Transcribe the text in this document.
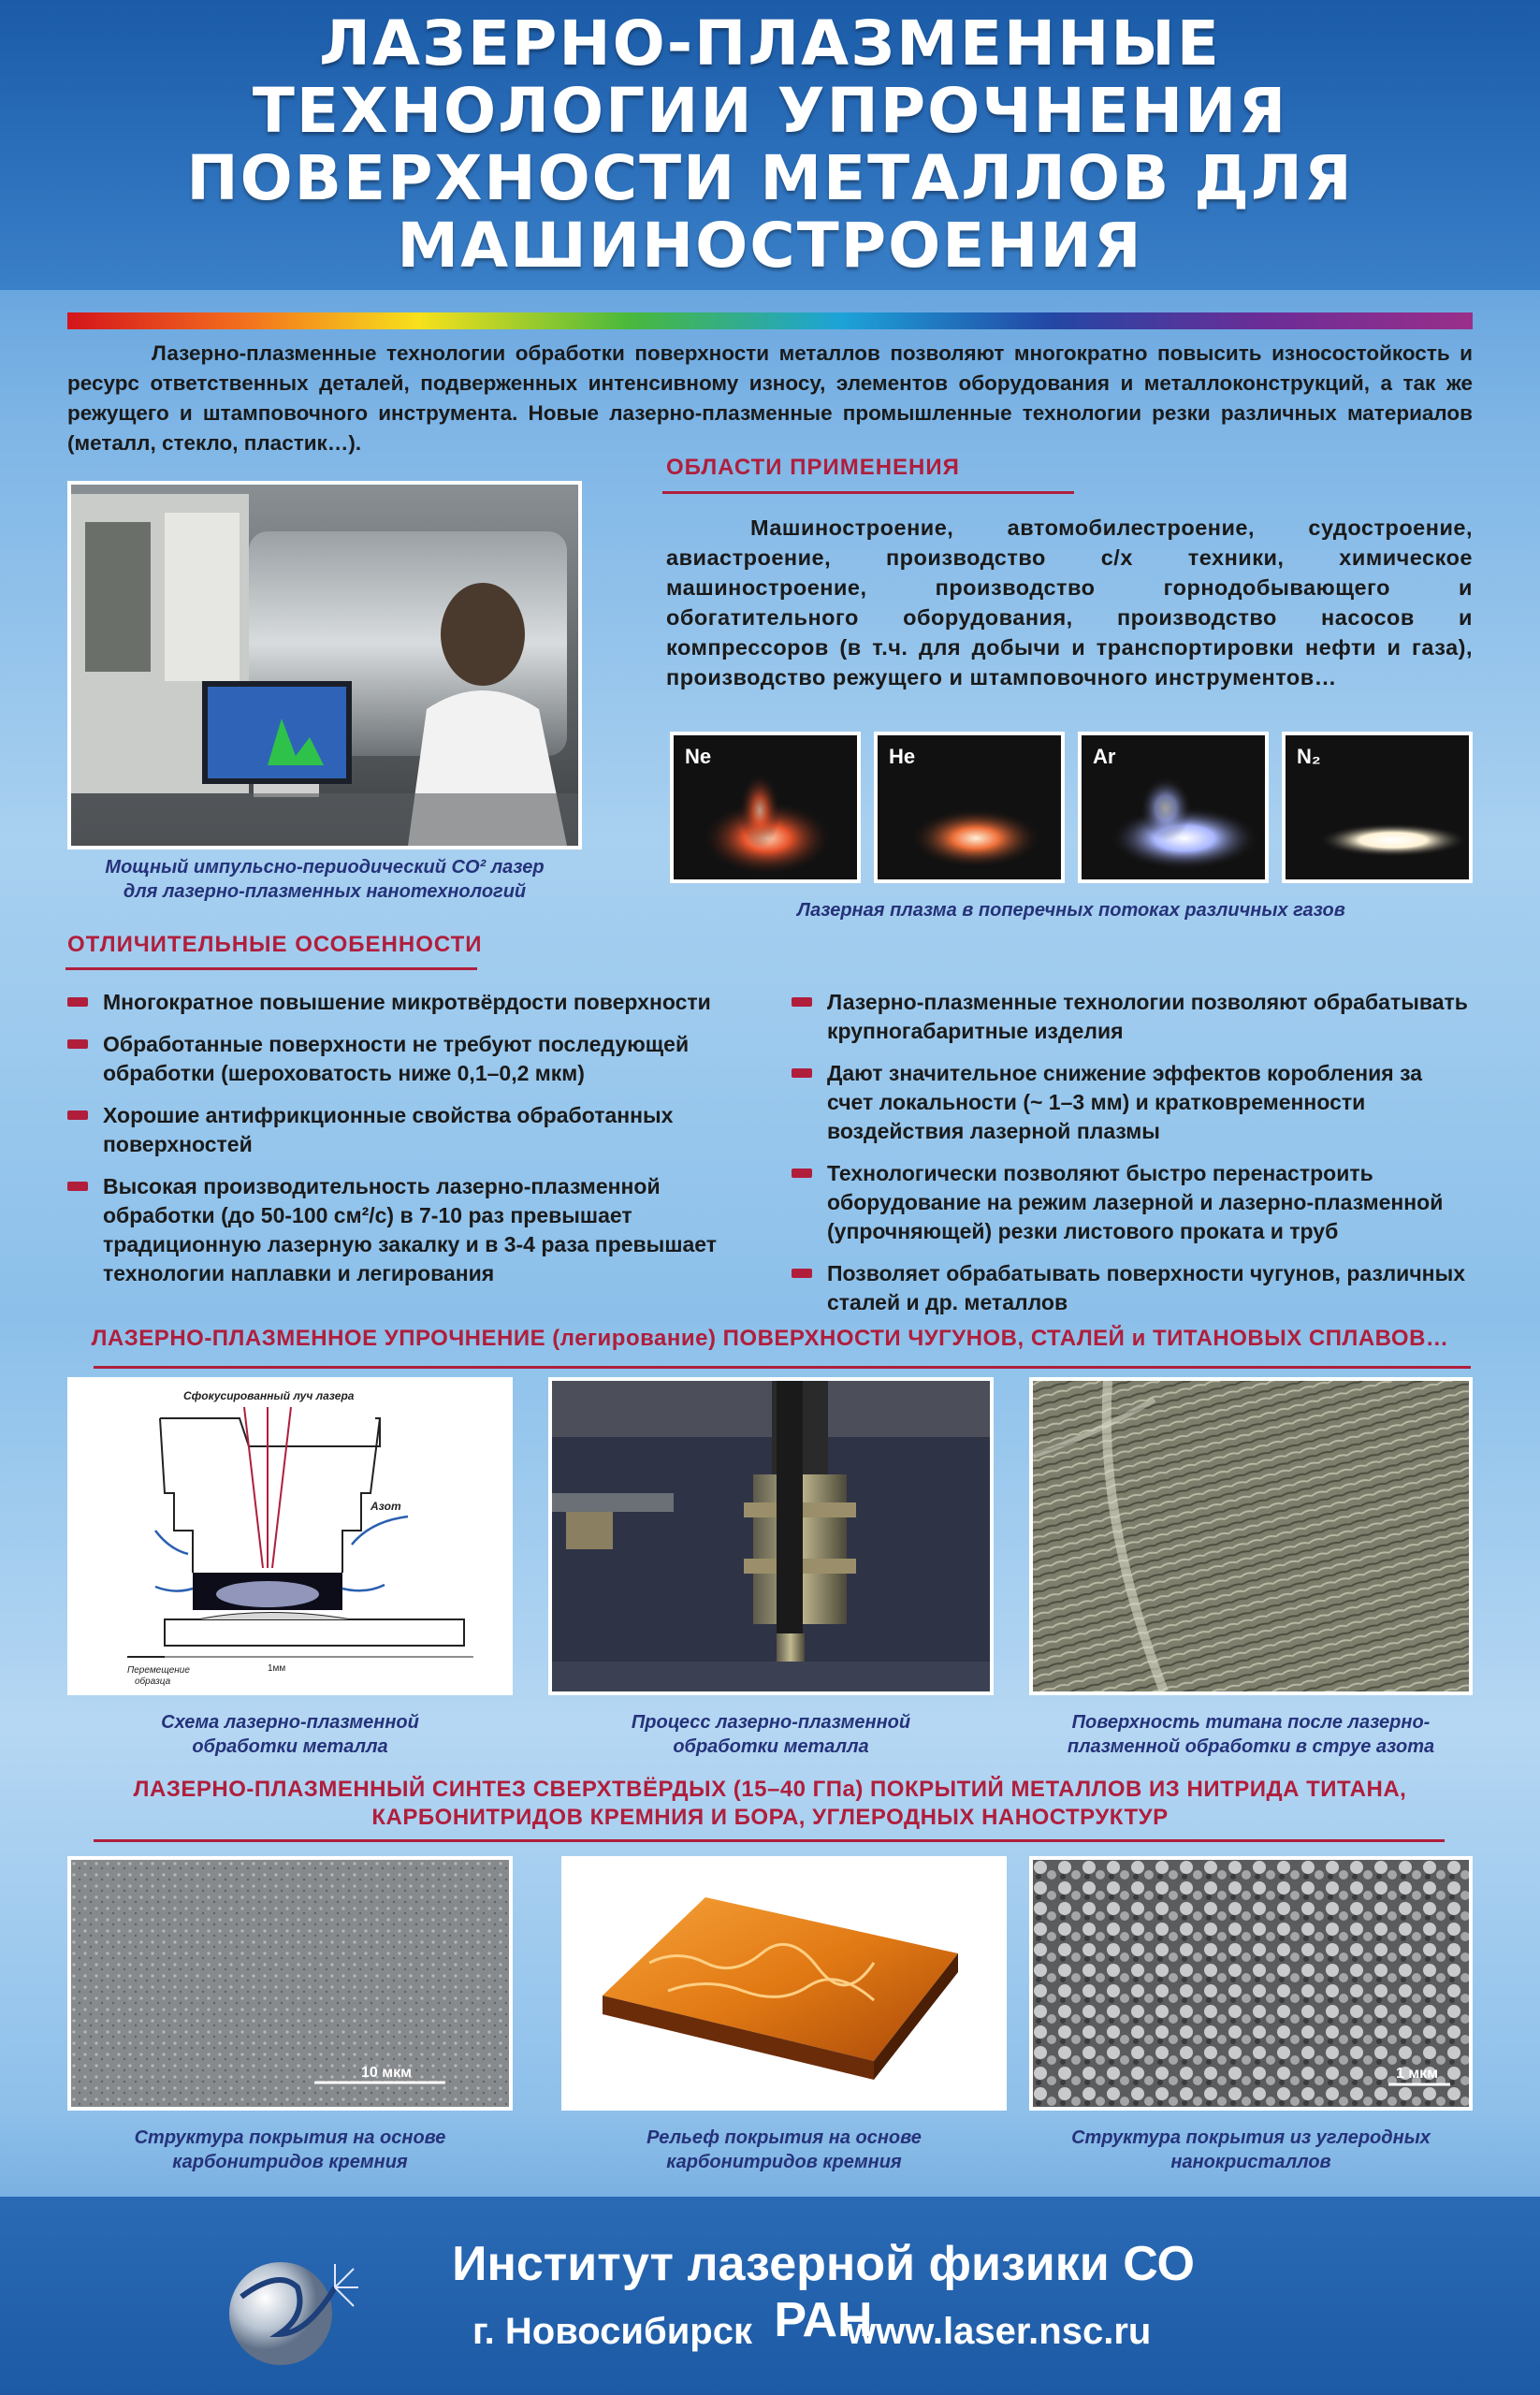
ЛАЗЕРНО-ПЛАЗМЕННЫЕ ТЕХНОЛОГИИ УПРОЧНЕНИЯ ПОВЕРХНОСТИ МЕТАЛЛОВ ДЛЯ МАШИНОСТРОЕНИЯ
Лазерно-плазменные технологии обработки поверхности металлов позволяют многократно повысить износостойкость и ресурс ответственных деталей, подверженных интенсивному износу, элементов оборудования и металлоконструкций, а так же режущего и штамповочного инструмента. Новые лазерно-плазменные промышленные технологии резки различных материалов (металл, стекло, пластик…).
ОБЛАСТИ ПРИМЕНЕНИЯ
Машиностроение, автомобилестроение, судостроение, авиастроение, производство с/х техники, химическое машиностроение, производство горнодобывающего и обогатительного оборудования, производство насосов и компрессоров (в т.ч. для добычи и транспортировки нефти и газа), производство режущего и штамповочного инструментов…
Мощный импульсно-периодический CO² лазер
для лазерно-плазменных нанотехнологий
Ne	He	Ar	N₂
Лазерная плазма в поперечных потоках различных газов
ОТЛИЧИТЕЛЬНЫЕ ОСОБЕННОСТИ
Многократное повышение микротвёрдости поверхности
Обработанные поверхности не требуют последующей обработки (шероховатость ниже 0,1–0,2 мкм)
Хорошие антифрикционные свойства обработанных поверхностей
Высокая производительность лазерно-плазменной обработки (до 50-100 см²/с) в 7-10 раз превышает традиционную лазерную закалку и в 3-4 раза превышает технологии наплавки и легирования
Лазерно-плазменные технологии позволяют обрабатывать крупногабаритные изделия
Дают значительное снижение эффектов коробления за счет локальности (~ 1–3 мм) и кратковременности воздействия лазерной плазмы
Технологически позволяют быстро перенастроить оборудование на режим лазерной и лазерно-плазменной (упрочняющей) резки листового проката и труб
Позволяет обрабатывать поверхности чугунов, различных сталей и др. металлов
ЛАЗЕРНО-ПЛАЗМЕННОЕ УПРОЧНЕНИЕ (легирование) ПОВЕРХНОСТИ ЧУГУНОВ, СТАЛЕЙ и ТИТАНОВЫХ СПЛАВОВ…
Сфокусированный луч лазера
Азот
Перемещение
образца
1мм
Схема лазерно-плазменной
обработки металла
Процесс лазерно-плазменной
обработки металла
Поверхность титана после лазерно-
плазменной обработки в струе азота
ЛАЗЕРНО-ПЛАЗМЕННЫЙ СИНТЕЗ СВЕРХТВЁРДЫХ (15–40 ГПа) ПОКРЫТИЙ МЕТАЛЛОВ ИЗ НИТРИДА ТИТАНА,
КАРБОНИТРИДОВ КРЕМНИЯ И БОРА, УГЛЕРОДНЫХ НАНОСТРУКТУР
10 мкм	1 мкм
Структура покрытия на основе
карбонитридов кремния
Рельеф покрытия на основе
карбонитридов кремния
Структура покрытия из углеродных
нанокристаллов
Институт лазерной физики СО РАН
г. Новосибирск	www.laser.nsc.ru
